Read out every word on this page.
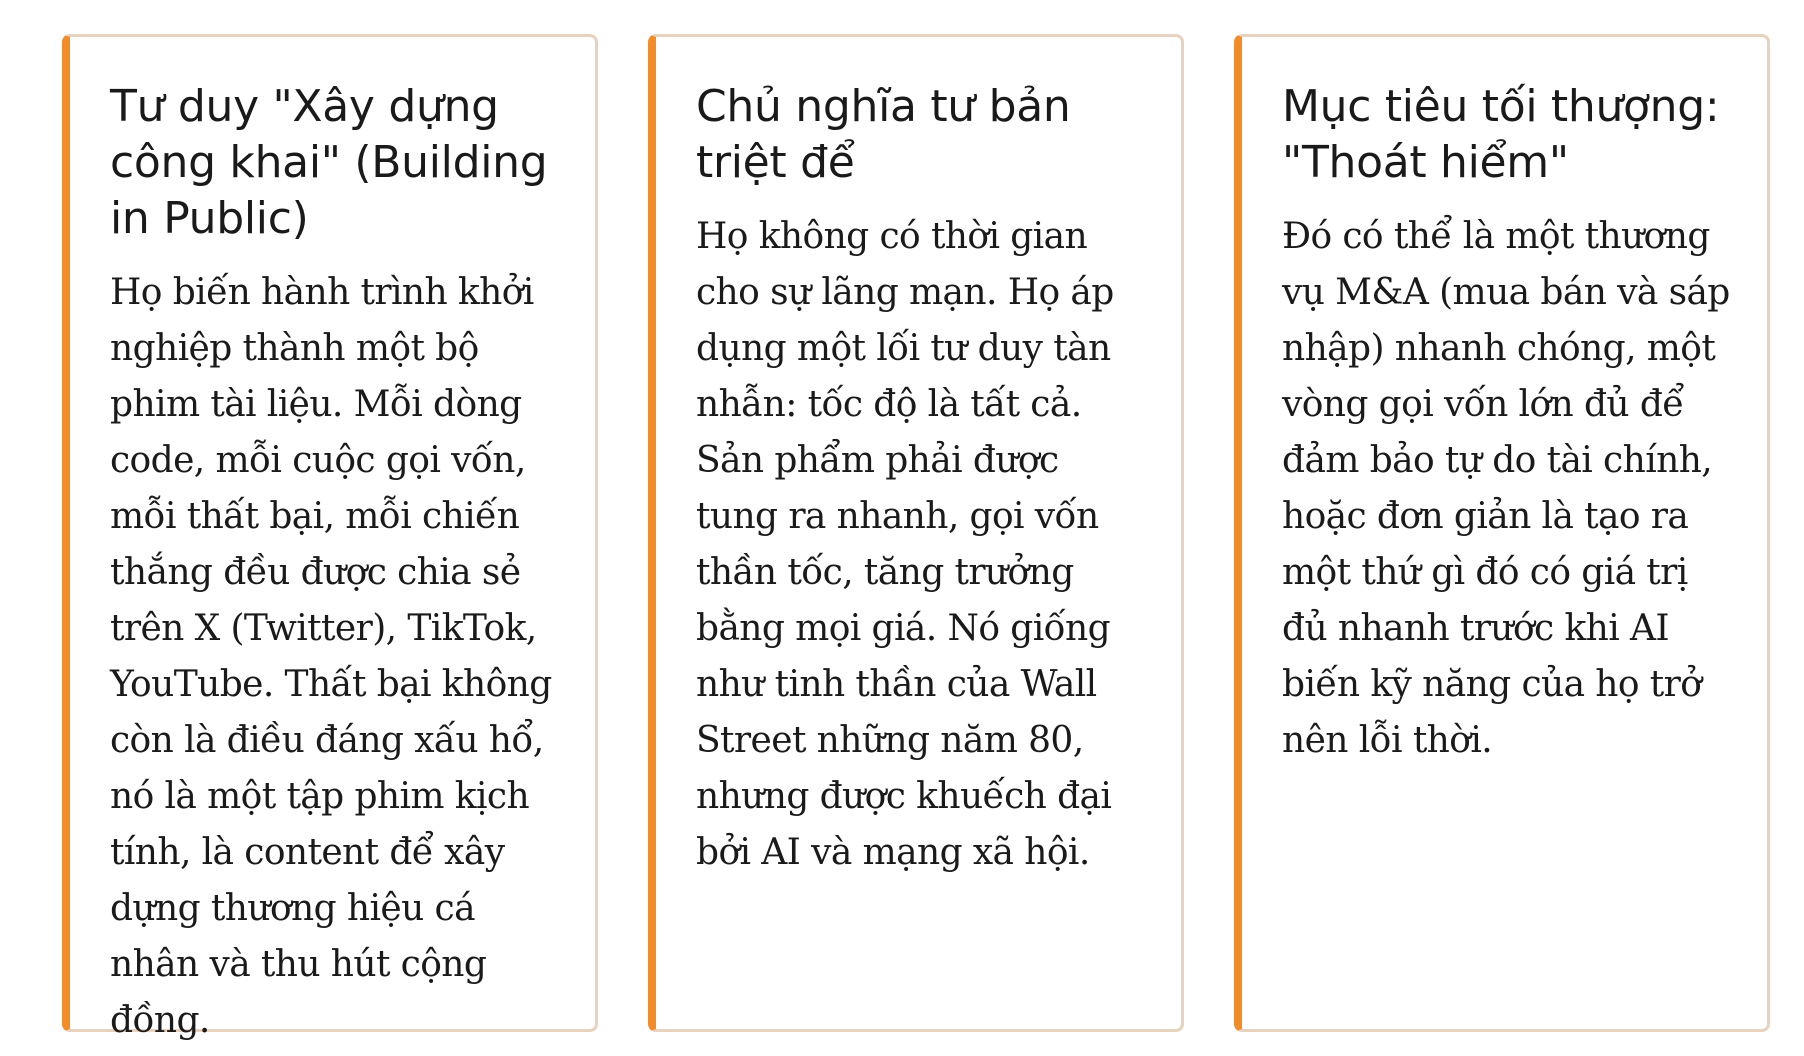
Tư duy "Xây dựng công khai" (Building in Public)

Họ biến hành trình khởi nghiệp thành một bộ phim tài liệu. Mỗi dòng code, mỗi cuộc gọi vốn, mỗi thất bại, mỗi chiến thắng đều được chia sẻ trên X (Twitter), TikTok, YouTube. Thất bại không còn là điều đáng xấu hổ, nó là một tập phim kịch tính, là content để xây dựng thương hiệu cá nhân và thu hút cộng đồng.

Chủ nghĩa tư bản triệt để

Họ không có thời gian cho sự lãng mạn. Họ áp dụng một lối tư duy tàn nhẫn: tốc độ là tất cả. Sản phẩm phải được tung ra nhanh, gọi vốn thần tốc, tăng trưởng bằng mọi giá. Nó giống như tinh thần của Wall Street những năm 80, nhưng được khuếch đại bởi AI và mạng xã hội.

Mục tiêu tối thượng: "Thoát hiểm"

Đó có thể là một thương vụ M&A (mua bán và sáp nhập) nhanh chóng, một vòng gọi vốn lớn đủ để đảm bảo tự do tài chính, hoặc đơn giản là tạo ra một thứ gì đó có giá trị đủ nhanh trước khi AI biến kỹ năng của họ trở nên lỗi thời.
